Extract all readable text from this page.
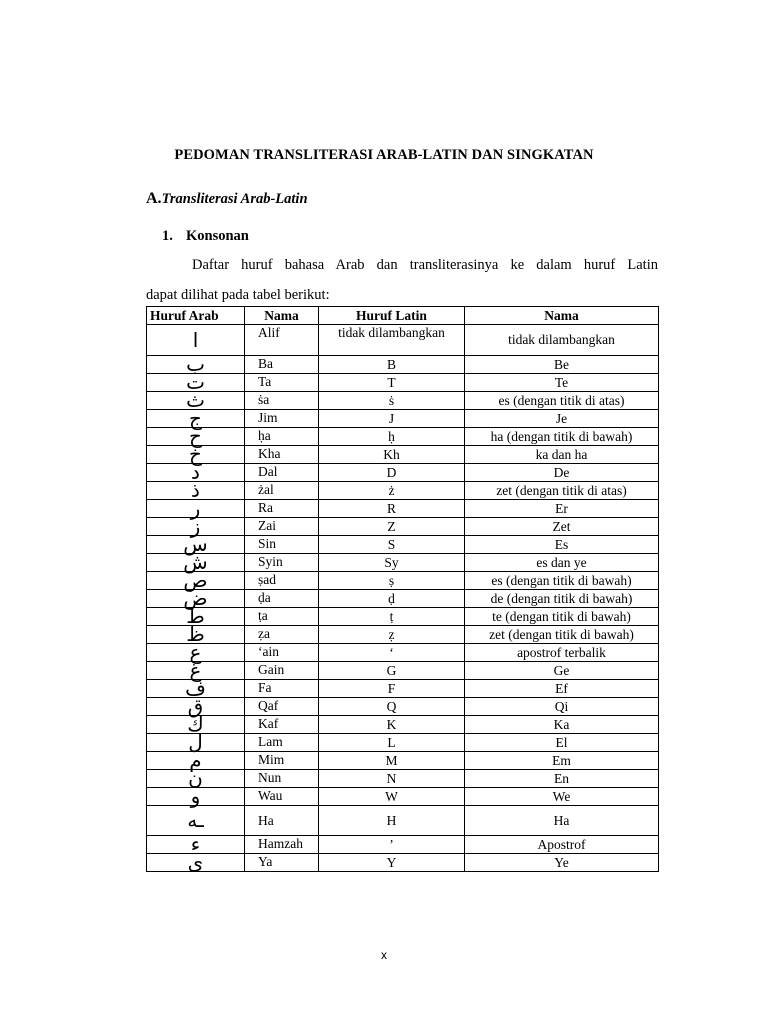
PEDOMAN TRANSLITERASI ARAB-LATIN DAN SINGKATAN
A.Transliterasi Arab-Latin
1. Konsonan
Daftar huruf bahasa Arab dan transliterasinya ke dalam huruf Latin
dapat dilihat pada tabel berikut:
Huruf Arab	Nama	Huruf Latin	Nama
ا	Alif	tidak dilambangkan	tidak dilambangkan
ب	Ba	B	Be
ت	Ta	T	Te
ث	ṡa	ṡ	es (dengan titik di atas)
ج	Jim	J	Je
ح	ḥa	ḥ	ha (dengan titik di bawah)
خ	Kha	Kh	ka dan ha
د	Dal	D	De
ذ	żal	ż	zet (dengan titik di atas)
ر	Ra	R	Er
ز	Zai	Z	Zet
س	Sin	S	Es
ش	Syin	Sy	es dan ye
ص	ṣad	ṣ	es (dengan titik di bawah)
ض	ḍa	ḍ	de (dengan titik di bawah)
ط	ṭa	ṭ	te (dengan titik di bawah)
ظ	ẓa	ẓ	zet (dengan titik di bawah)
ع	‘ain	‘	apostrof terbalik
غ	Gain	G	Ge
ف	Fa	F	Ef
ق	Qaf	Q	Qi
ك	Kaf	K	Ka
ل	Lam	L	El
م	Mim	M	Em
ن	Nun	N	En
و	Wau	W	We
ـه	Ha	H	Ha
ء	Hamzah	’	Apostrof
ى	Ya	Y	Ye
x
